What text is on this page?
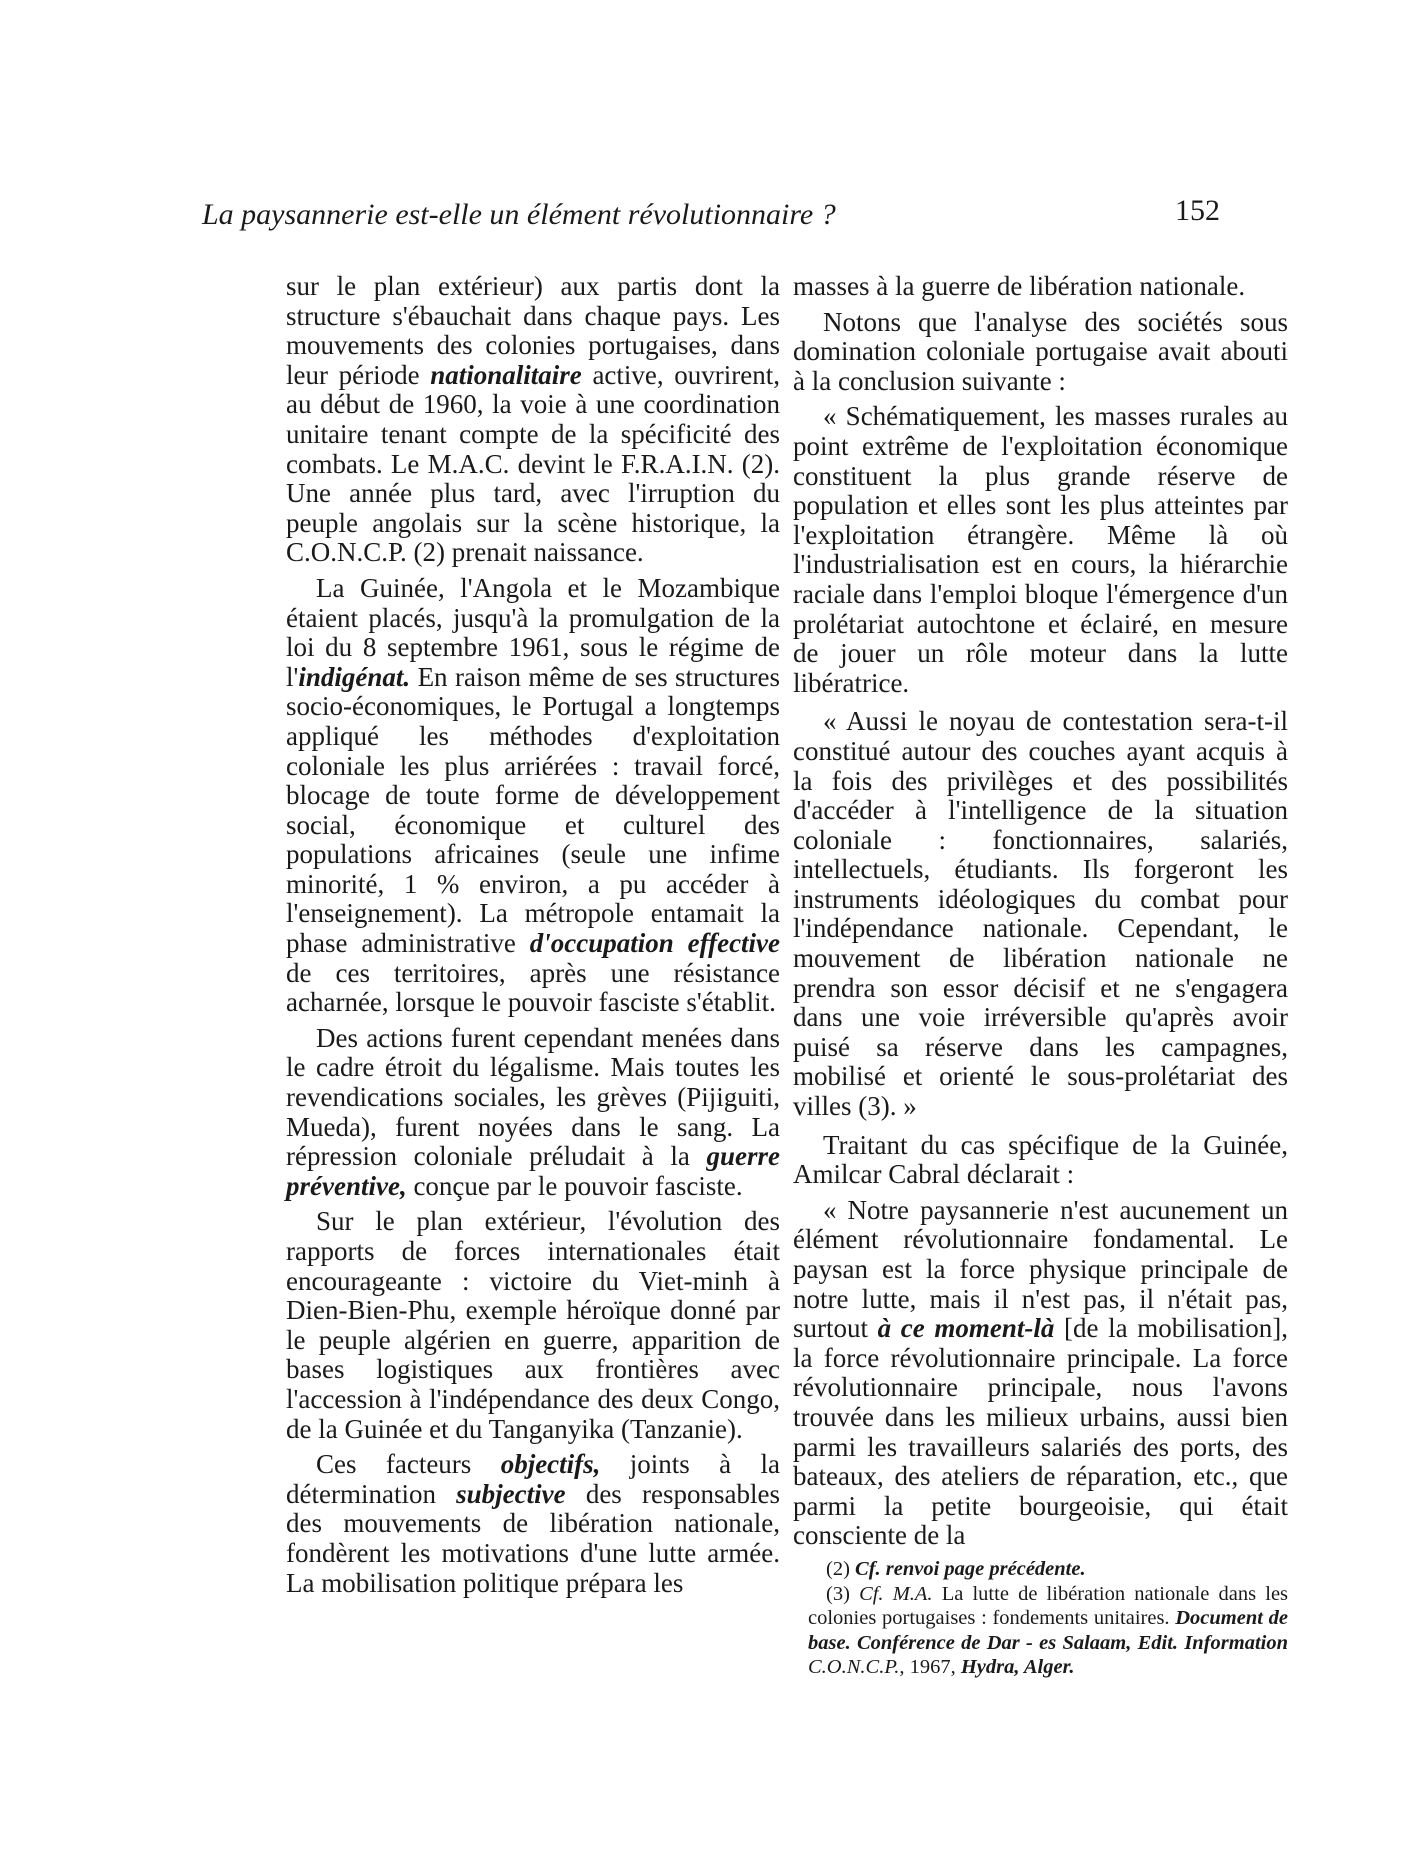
La paysannerie est-elle un élément révolutionnaire ?	152

sur le plan extérieur) aux partis dont la structure s'ébauchait dans chaque pays. Les mouvements des colonies portugaises, dans leur période nationalitaire active, ouvrirent, au début de 1960, la voie à une coordination unitaire tenant compte de la spécificité des combats. Le M.A.C. devint le F.R.A.I.N. (2). Une année plus tard, avec l'irruption du peuple angolais sur la scène historique, la C.O.N.C.P. (2) prenait naissance.

La Guinée, l'Angola et le Mozambique étaient placés, jusqu'à la promulgation de la loi du 8 septembre 1961, sous le régime de l'indigénat. En raison même de ses structures socio-économiques, le Portugal a longtemps appliqué les méthodes d'exploitation coloniale les plus arriérées : travail forcé, blocage de toute forme de développement social, économique et culturel des populations africaines (seule une infime minorité, 1 % environ, a pu accéder à l'enseignement). La métropole entamait la phase administrative d'occupation effective de ces territoires, après une résistance acharnée, lorsque le pouvoir fasciste s'établit.

Des actions furent cependant menées dans le cadre étroit du légalisme. Mais toutes les revendications sociales, les grèves (Pijiguiti, Mueda), furent noyées dans le sang. La répression coloniale préludait à la guerre préventive, conçue par le pouvoir fasciste.

Sur le plan extérieur, l'évolution des rapports de forces internationales était encourageante : victoire du Viet-minh à Dien-Bien-Phu, exemple héroïque donné par le peuple algérien en guerre, apparition de bases logistiques aux frontières avec l'accession à l'indépendance des deux Congo, de la Guinée et du Tanganyika (Tanzanie).

Ces facteurs objectifs, joints à la détermination subjective des responsables des mouvements de libération nationale, fondèrent les motivations d'une lutte armée. La mobilisation politique prépara les

masses à la guerre de libération nationale.

Notons que l'analyse des sociétés sous domination coloniale portugaise avait abouti à la conclusion suivante :

« Schématiquement, les masses rurales au point extrême de l'exploitation économique constituent la plus grande réserve de population et elles sont les plus atteintes par l'exploitation étrangère. Même là où l'industrialisation est en cours, la hiérarchie raciale dans l'emploi bloque l'émergence d'un prolétariat autochtone et éclairé, en mesure de jouer un rôle moteur dans la lutte libératrice.

« Aussi le noyau de contestation sera-t-il constitué autour des couches ayant acquis à la fois des privilèges et des possibilités d'accéder à l'intelligence de la situation coloniale : fonctionnaires, salariés, intellectuels, étudiants. Ils forgeront les instruments idéologiques du combat pour l'indépendance nationale. Cependant, le mouvement de libération nationale ne prendra son essor décisif et ne s'engagera dans une voie irréversible qu'après avoir puisé sa réserve dans les campagnes, mobilisé et orienté le sous-prolétariat des villes (3). »

Traitant du cas spécifique de la Guinée, Amilcar Cabral déclarait :

« Notre paysannerie n'est aucunement un élément révolutionnaire fondamental. Le paysan est la force physique principale de notre lutte, mais il n'est pas, il n'était pas, surtout à ce moment-là [de la mobilisation], la force révolutionnaire principale. La force révolutionnaire principale, nous l'avons trouvée dans les milieux urbains, aussi bien parmi les travailleurs salariés des ports, des bateaux, des ateliers de réparation, etc., que parmi la petite bourgeoisie, qui était consciente de la

(2) Cf. renvoi page précédente.

(3) Cf. M.A. La lutte de libération nationale dans les colonies portugaises : fondements unitaires. Document de base. Conférence de Dar - es Salaam, Edit. Information C.O.N.C.P., 1967, Hydra, Alger.
